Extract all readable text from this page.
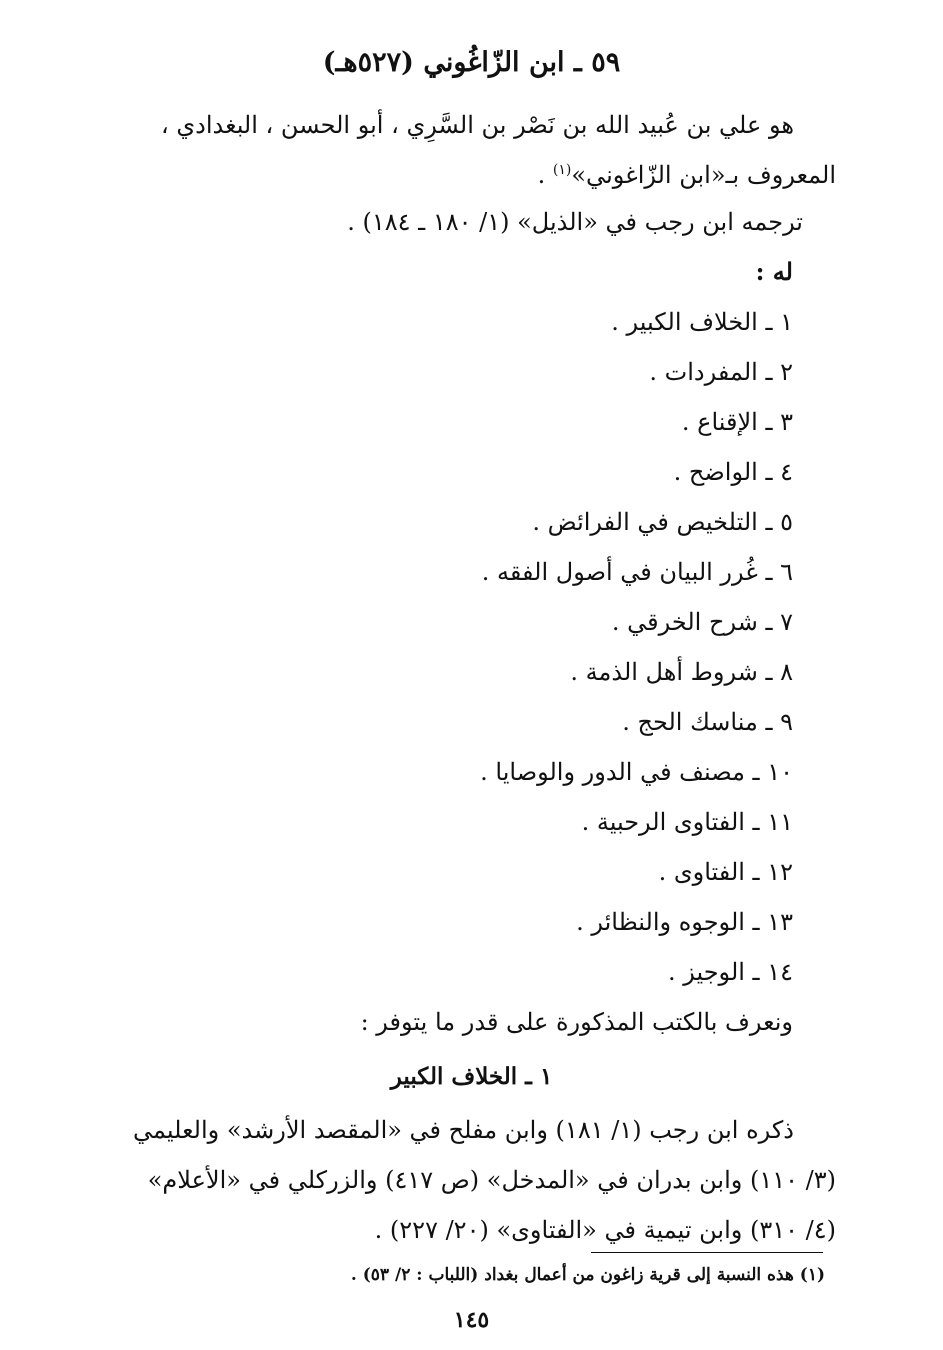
٥٩ ـ ابن الزّاغُوني (٥٢٧هـ)
هو علي بن عُبيد الله بن نَصْر بن السَّرِي ، أبو الحسن ، البغدادي ،
المعروف بـ«ابن الزّاغوني»$^{(١)}$ .
ترجمه ابن رجب في «الذيل» (١/ ١٨٠ ـ ١٨٤) .
له :
١ ـ الخلاف الكبير .
٢ ـ المفردات .
٣ ـ الإقناع .
٤ ـ الواضح .
٥ ـ التلخيص في الفرائض .
٦ ـ غُرر البيان في أصول الفقه .
٧ ـ شرح الخرقي .
٨ ـ شروط أهل الذمة .
٩ ـ مناسك الحج .
١٠ ـ مصنف في الدور والوصايا .
١١ ـ الفتاوى الرحبية .
١٢ ـ الفتاوى .
١٣ ـ الوجوه والنظائر .
١٤ ـ الوجيز .
ونعرف بالكتب المذكورة على قدر ما يتوفر :
١ ـ الخلاف الكبير
ذكره ابن رجب (١/ ١٨١) وابن مفلح في «المقصد الأرشد» والعليمي
(٣/ ١١٠) وابن بدران في «المدخل» (ص ٤١٧) والزركلي في «الأعلام»
(٤/ ٣١٠) وابن تيمية في «الفتاوى» (٢٠/ ٢٢٧) .
(١) هذه النسبة إلى قرية زاغون من أعمال بغداد (اللباب : ٢/ ٥٣) .
١٤٥
